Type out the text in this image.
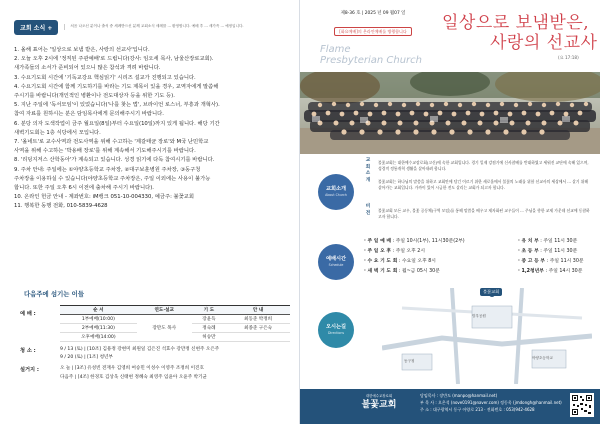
교회 소식 +	처음 나오신 분이나 출석 중 세례받으신 분께 교회소식 세례를 ... 환영합니다. 예배 후 ... 새가족 ... 예정입니다.
1. 올해 표어는 '일상으로 보냄 받은, 사랑의 선교사'입니다.
2. 오늘 오후 2시에 '정직된 주관예배'로 드립니다(강사: 임오세 목사, 남울산장로교회).
새가족들의 소서가 준비되어 있으니 많은 참석과 격려 바랍니다.
3. 수요기도회 시간에 '기독교강요 핵심읽기' 시리즈 설교가 진행되고 있습니다.
4. 수요기도회 시간에 함께 기도하기를 바라는 기도 제목이 있을 경우, 교역자에게 말씀해
주시기를 바랍니다(개인적인 병환이나 전도대상자 등을 위한 기도 등).
5. 지난 주일에 '독서모임'이 있었습니다('나를 찾는 법', 브라이언 로스너, 부흥과 개혁사).
참여 자료를 원하시는 분은 담임목사에게 문의해주시기 바랍니다.
6. 분당 의자 도색작업이 금주 월요일(8일)부터 수요일(10일)까지 있게 됩니다. 해당 기간
새벽기도회는 1층 식당에서 모입니다.
7. '올네트'로 교수사역과 전도사역을 위해 수고하는 '제갈태균 장로'와 M국 난민학교
사역을 위해 수고하는 '박용배 장로'를 위해 계속해서 기도해주시기를 바랍니다.
8. '리딩지저스 산학동아'가 계속되고 있습니다. 성경 읽기에 다독 참여시기를 바랍니다.
9. 주차 안내: 주일에는 ①야양초등학교 주차장, ②대구보훈병원 주차장, ③동구청
주차장을 이용하실 수 있습니다(야양초등학교 주차장은, 주일 이외에는 사용이 불가능
합니다. 또한 주일 오후 6시 이전에 출차해 주시기 바랍니다).
10. 온라인 헌금 안내 - 계좌번호: iM뱅크 051-10-004330, 예금주: 불꽃교회
11. 행복한 동행 전화, 010-5839-4628
다음주에 섬기는 이들
예 배 :
순 서	연도·설교	기 도	안 내
1부예배(10:00)	장만도 목사	장윤득	최동준 박정희
2부예배(11:30)		정숙례	최종준 구은숙
오후예배(14:00)		허승만	
청 소 :	9 / 13 (토) | [10조] 김용정 강현미 최원일 김은진 석효수 강만정 신현주 오은주
9 / 20 (토) | [1조] 청년부
설거지 :	오 늘 | [3조] 유성빈 전재우 김영희 여승민 이성수 이영주 조정희 이진호
다음주 | [4조] 한경호 김상욱 신태현 정혜숙 최영주 임윤아 오윤주 박기균
제8-36 호 | 2025 년 09 월07 일
[화요예배]의 온라인예배를 병행합니다	일상으로 보냄받은,
사랑의 선교사
(요 17:18)
Flame
Presbyterian Church
교회소개
About Church
교회소개
비전
불꽃교회는 대한예수교장로회(고신)에 속한 교회입니다. 경기 일제 강점기에 신사참배를 반대하였고 세워진 교단에 속해 있으며, 성경적 정통개혁 생활을 살아내려 합니다.
불꽃교회는 하나님의 말씀을 위하고 교회안에 담긴 이르기 위한 새로움에서 불꽃의 노래를 위함 선교사의 세상에서 ... 살기 위해 살아가는 교회입니다. 가까이 있어 시급한 전도 살리는 교회가 되고자 합니다.
불꽃교회 모든 교우, 불꽃 공동체(구역 모임)를 통해 말씀을 배우고 제자화된 교우들이 ... 주님을 향한 교제 가운데 선교에 동참하고자 합니다.
예배시간
Schedule
· 주 일 예 배 : 주일 10시(1부), 11시30분(2부)
· 주 일 오 후 : 주일 오후 2시
· 수 요 기 도 회 : 수요일 오후 8시
· 새 벽 기 도 회 : 월~금 05시 30분
· 유 치 부 : 주일 11시 30분
· 초 등 부 : 주일 11시 30분
· 중 고 등 부 : 주일 11시 30분
· 1,2청년부 : 주일 14시 30분
오시는길
Directions
불꽃교회
망우공원
아양초등학교
동구청
대한예수교장로회
불꽃교회
담임목사 : 장만도 (manpo@hanmail.net)
부 목 사 : 오은석 (nove0191@naver.com) 정동욱 (jmdongh@hanmail.net)
주 소 : 대구광역시 동구 아양로 213 · 전화번호 : 053)942-4628
